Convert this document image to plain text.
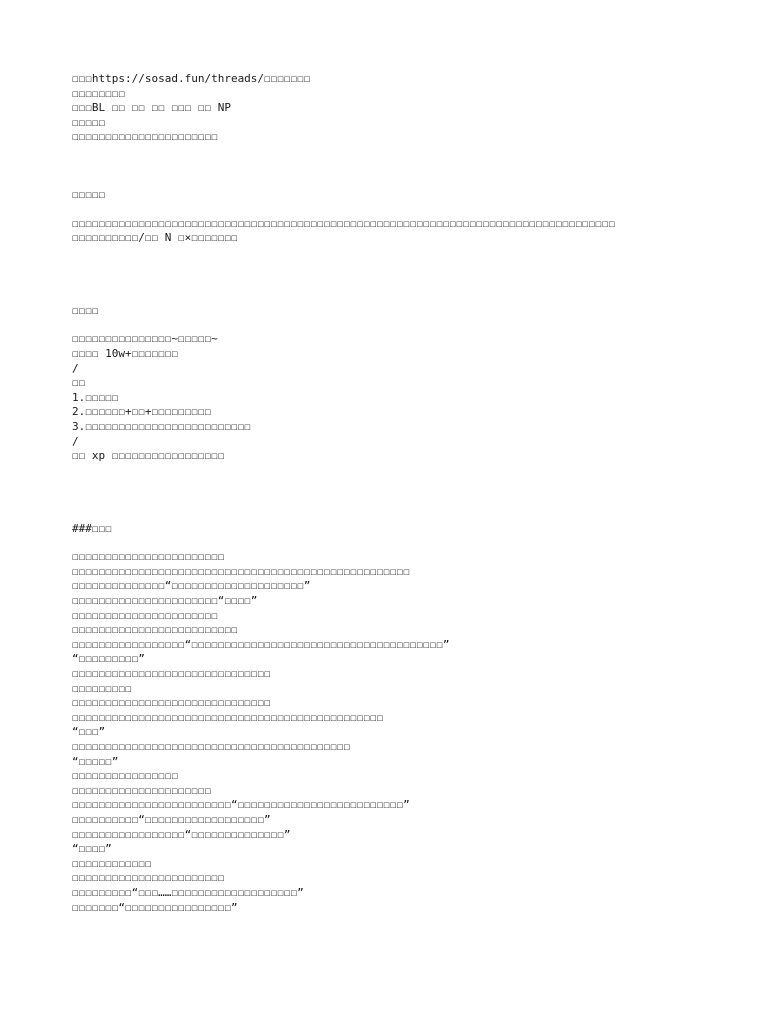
☐☐☐https://sosad.fun/threads/☐☐☐☐☐☐☐
☐☐☐☐☐☐☐☐
☐☐☐BL ☐☐ ☐☐ ☐☐ ☐☐☐ ☐☐ NP
☐☐☐☐☐
☐☐☐☐☐☐☐☐☐☐☐☐☐☐☐☐☐☐☐☐☐☐
☐☐☐☐☐
☐☐☐☐☐☐☐☐☐☐☐☐☐☐☐☐☐☐☐☐☐☐☐☐☐☐☐☐☐☐☐☐☐☐☐☐☐☐☐☐☐☐☐☐☐☐☐☐☐☐☐☐☐☐☐☐☐☐☐☐☐☐☐☐☐☐☐☐☐☐☐☐☐☐☐☐☐☐☐☐☐☐
☐☐☐☐☐☐☐☐☐☐/☐☐ N ☐×☐☐☐☐☐☐☐
☐☐☐☐
☐☐☐☐☐☐☐☐☐☐☐☐☐☐☐~☐☐☐☐☐~
☐☐☐☐ 10w+☐☐☐☐☐☐☐
/
☐☐
1.☐☐☐☐☐
2.☐☐☐☐☐☐+☐☐+☐☐☐☐☐☐☐☐☐
3.☐☐☐☐☐☐☐☐☐☐☐☐☐☐☐☐☐☐☐☐☐☐☐☐☐
/
☐☐ xp ☐☐☐☐☐☐☐☐☐☐☐☐☐☐☐☐☐
###☐☐☐
☐☐☐☐☐☐☐☐☐☐☐☐☐☐☐☐☐☐☐☐☐☐☐
☐☐☐☐☐☐☐☐☐☐☐☐☐☐☐☐☐☐☐☐☐☐☐☐☐☐☐☐☐☐☐☐☐☐☐☐☐☐☐☐☐☐☐☐☐☐☐☐☐☐☐
☐☐☐☐☐☐☐☐☐☐☐☐☐☐“☐☐☐☐☐☐☐☐☐☐☐☐☐☐☐☐☐☐☐☐”
☐☐☐☐☐☐☐☐☐☐☐☐☐☐☐☐☐☐☐☐☐☐“☐☐☐☐”
☐☐☐☐☐☐☐☐☐☐☐☐☐☐☐☐☐☐☐☐☐☐
☐☐☐☐☐☐☐☐☐☐☐☐☐☐☐☐☐☐☐☐☐☐☐☐☐
☐☐☐☐☐☐☐☐☐☐☐☐☐☐☐☐☐“☐☐☐☐☐☐☐☐☐☐☐☐☐☐☐☐☐☐☐☐☐☐☐☐☐☐☐☐☐☐☐☐☐☐☐☐☐☐”
“☐☐☐☐☐☐☐☐☐”
☐☐☐☐☐☐☐☐☐☐☐☐☐☐☐☐☐☐☐☐☐☐☐☐☐☐☐☐☐☐
☐☐☐☐☐☐☐☐☐
☐☐☐☐☐☐☐☐☐☐☐☐☐☐☐☐☐☐☐☐☐☐☐☐☐☐☐☐☐☐
☐☐☐☐☐☐☐☐☐☐☐☐☐☐☐☐☐☐☐☐☐☐☐☐☐☐☐☐☐☐☐☐☐☐☐☐☐☐☐☐☐☐☐☐☐☐☐
“☐☐☐”
☐☐☐☐☐☐☐☐☐☐☐☐☐☐☐☐☐☐☐☐☐☐☐☐☐☐☐☐☐☐☐☐☐☐☐☐☐☐☐☐☐☐
“☐☐☐☐☐”
☐☐☐☐☐☐☐☐☐☐☐☐☐☐☐☐
☐☐☐☐☐☐☐☐☐☐☐☐☐☐☐☐☐☐☐☐☐
☐☐☐☐☐☐☐☐☐☐☐☐☐☐☐☐☐☐☐☐☐☐☐☐“☐☐☐☐☐☐☐☐☐☐☐☐☐☐☐☐☐☐☐☐☐☐☐☐☐”
☐☐☐☐☐☐☐☐☐☐“☐☐☐☐☐☐☐☐☐☐☐☐☐☐☐☐☐☐”
☐☐☐☐☐☐☐☐☐☐☐☐☐☐☐☐☐“☐☐☐☐☐☐☐☐☐☐☐☐☐☐”
“☐☐☐☐”
☐☐☐☐☐☐☐☐☐☐☐☐
☐☐☐☐☐☐☐☐☐☐☐☐☐☐☐☐☐☐☐☐☐☐☐
☐☐☐☐☐☐☐☐☐“☐☐☐……☐☐☐☐☐☐☐☐☐☐☐☐☐☐☐☐☐☐☐”
☐☐☐☐☐☐☐“☐☐☐☐☐☐☐☐☐☐☐☐☐☐☐☐”
